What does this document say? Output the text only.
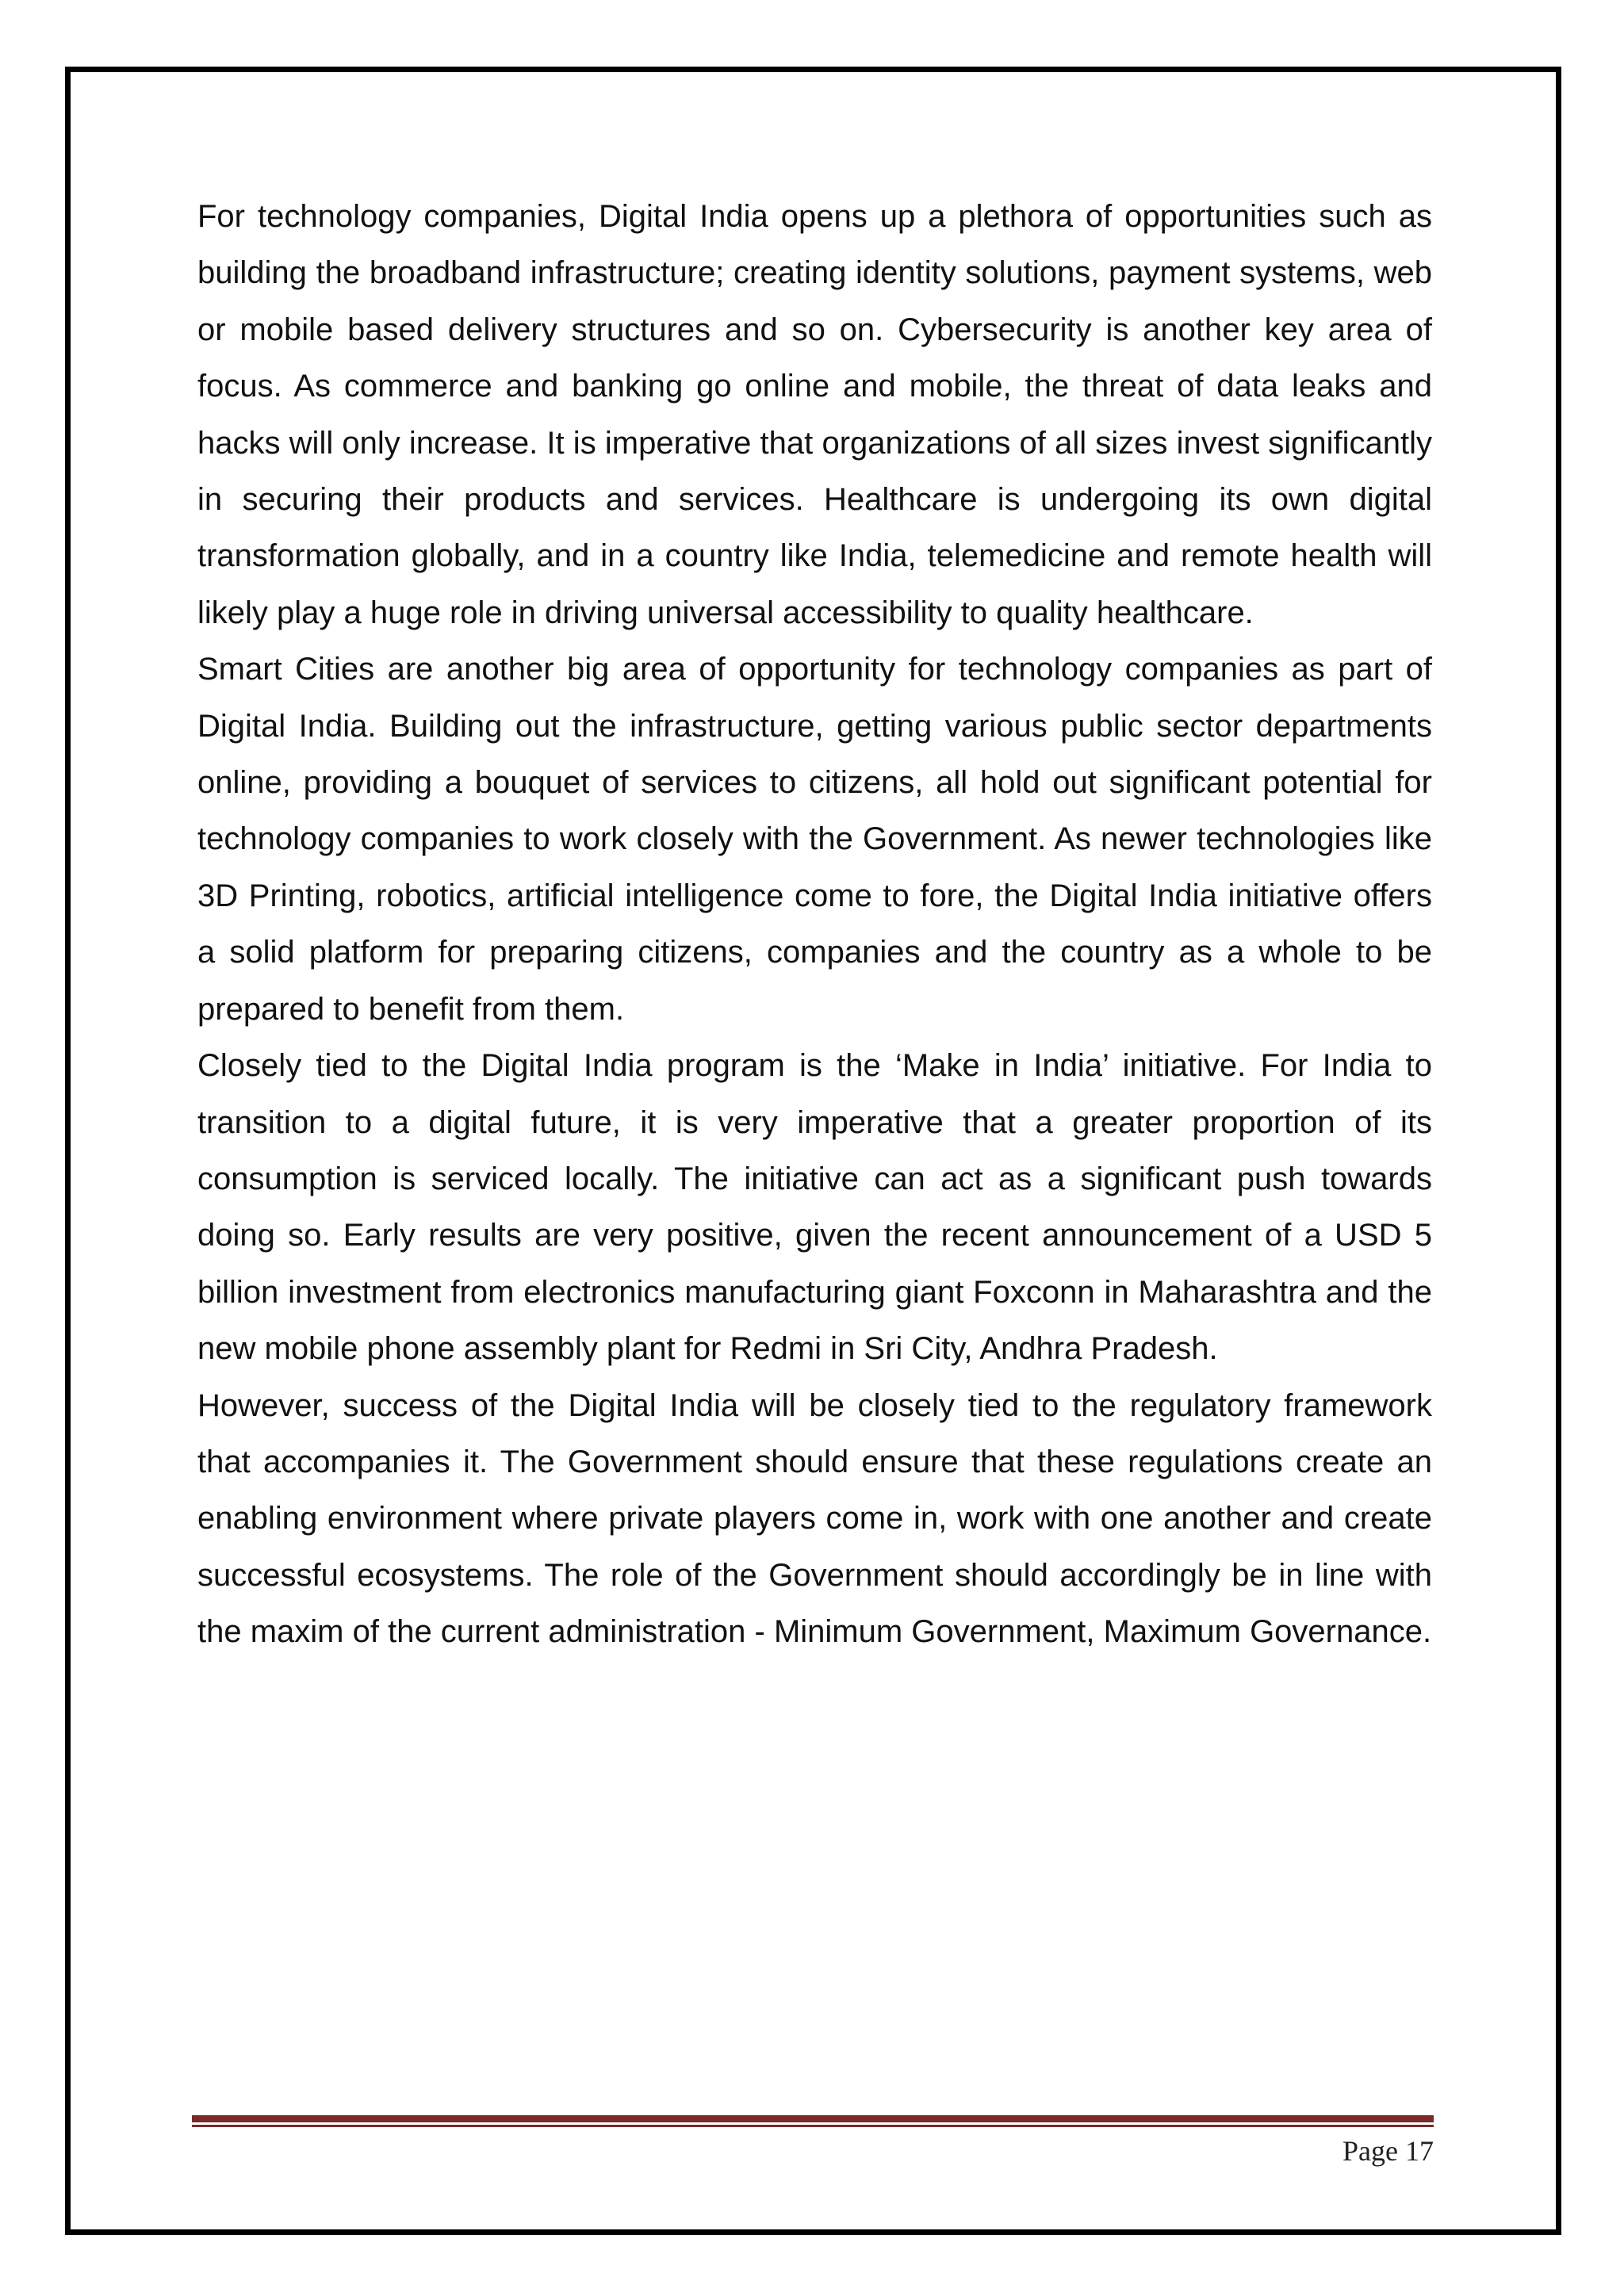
For technology companies, Digital India opens up a plethora of opportunities such as building the broadband infrastructure; creating identity solutions, payment systems, web or mobile based delivery structures and so on. Cybersecurity is another key area of focus. As commerce and banking go online and mobile, the threat of data leaks and hacks will only increase. It is imperative that organizations of all sizes invest significantly in securing their products and services. Healthcare is undergoing its own digital transformation globally, and in a country like India, telemedicine and remote health will likely play a huge role in driving universal accessibility to quality healthcare.

Smart Cities are another big area of opportunity for technology companies as part of Digital India. Building out the infrastructure, getting various public sector departments online, providing a bouquet of services to citizens, all hold out significant potential for technology companies to work closely with the Government. As newer technologies like 3D Printing, robotics, artificial intelligence come to fore, the Digital India initiative offers a solid platform for preparing citizens, companies and the country as a whole to be prepared to benefit from them.

Closely tied to the Digital India program is the ‘Make in India’ initiative. For India to transition to a digital future, it is very imperative that a greater proportion of its consumption is serviced locally. The initiative can act as a significant push towards doing so. Early results are very positive, given the recent announcement of a USD 5 billion investment from electronics manufacturing giant Foxconn in Maharashtra and the new mobile phone assembly plant for Redmi in Sri City, Andhra Pradesh.

However, success of the Digital India will be closely tied to the regulatory framework that accompanies it. The Government should ensure that these regulations create an enabling environment where private players come in, work with one another and create successful ecosystems. The role of the Government should accordingly be in line with the maxim of the current administration - Minimum Government, Maximum Governance.

Page 17
